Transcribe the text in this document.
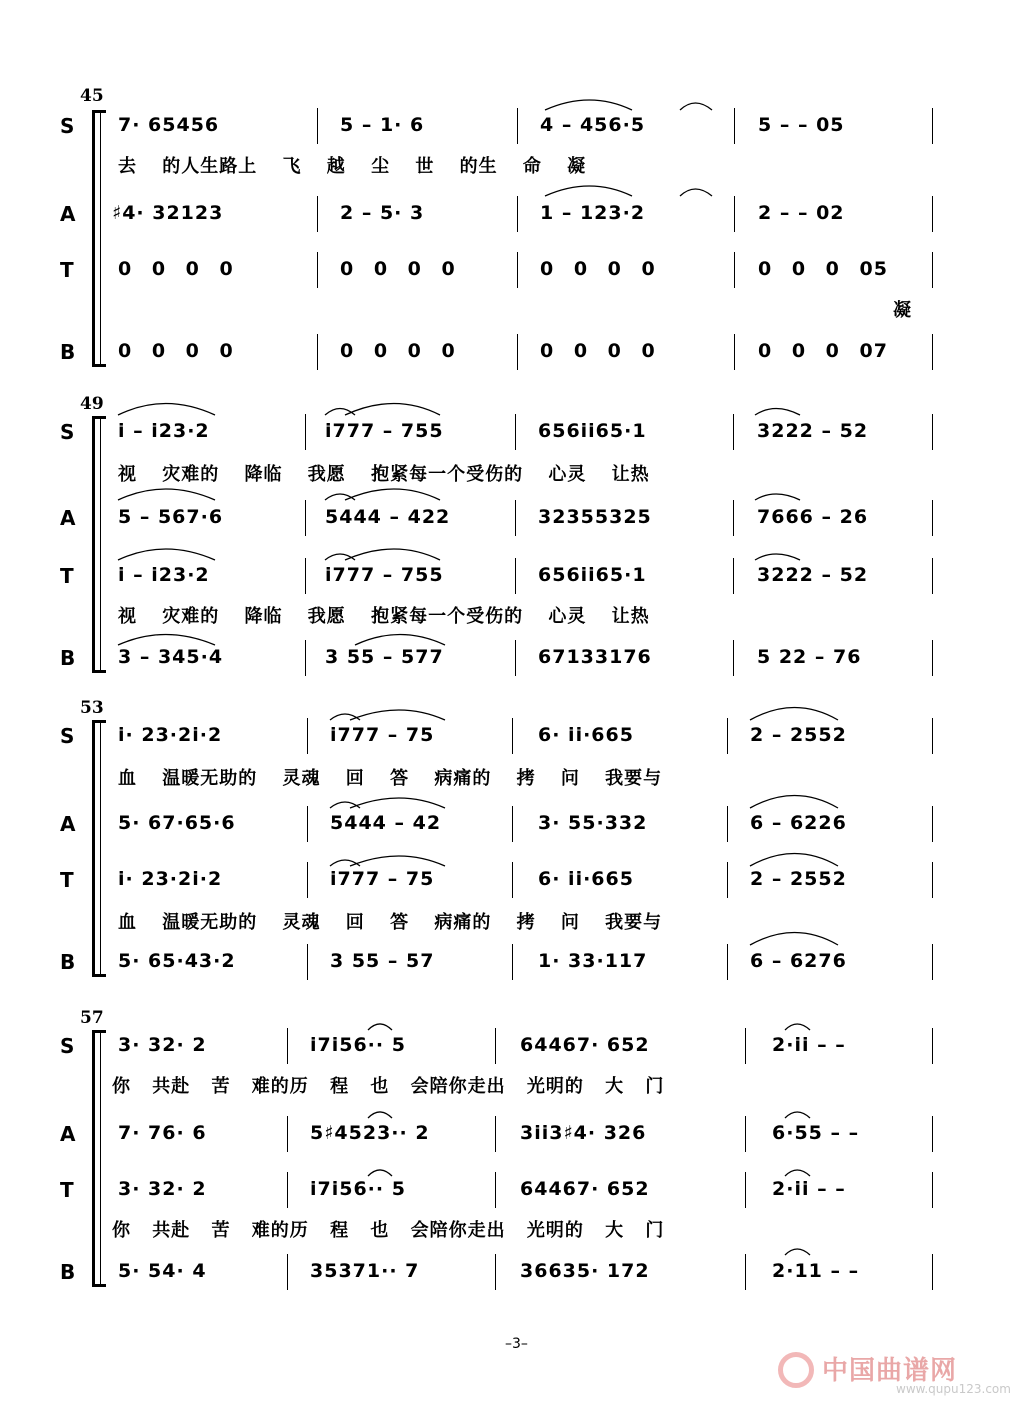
45
S
A
T
B
7· 65456	5 – 1· 6	4 – 456·5	5 – – 05
去 的人生路上 飞 越 尘 世 的生 命 凝
♯4· 32123	2 – 5· 3	1 – 123·2	2 – – 02
0 0 0 0	0 0 0 0	0 0 0 0	0 0 0 05
凝
0 0 0 0	0 0 0 0	0 0 0 0	0 0 0 07
49
S
A
T
B
i – i23·2	i777 – 755	656ii65·1	3222 – 52
视 灾难的 降临 我愿 抱紧每一个受伤的 心灵 让热
5 – 567·6	5444 – 422	32355325	7666 – 26
i – i23·2	i777 – 755	656ii65·1	3222 – 52
视 灾难的 降临 我愿 抱紧每一个受伤的 心灵 让热
3 – 345·4	3 55 – 577	67133176	5 22 – 76
53
S
A
T
B
i· 23·2i·2	i777 – 75	6· ii·665	2 – 2552
血 温暖无助的 灵魂 回 答 病痛的 拷 问 我要与
5· 67·65·6	5444 – 42	3· 55·332	6 – 6226
i· 23·2i·2	i777 – 75	6· ii·665	2 – 2552
血 温暖无助的 灵魂 回 答 病痛的 拷 问 我要与
5· 65·43·2	3 55 – 57	1· 33·117	6 – 6276
57
S
A
T
B
3· 32· 2	i7i56·· 5	64467· 652	2·ii – –
你 共赴 苦 难的历 程 也 会陪你走出 光明的 大 门
7· 76· 6	5♯4523·· 2	3ii3♯4· 326	6·55 – –
3· 32· 2	i7i56·· 5	64467· 652	2·ii – –
你 共赴 苦 难的历 程 也 会陪你走出 光明的 大 门
5· 54· 4	35371·· 7	36635· 172	2·11 – –
–3–
中国曲谱网
www.qupu123.com
